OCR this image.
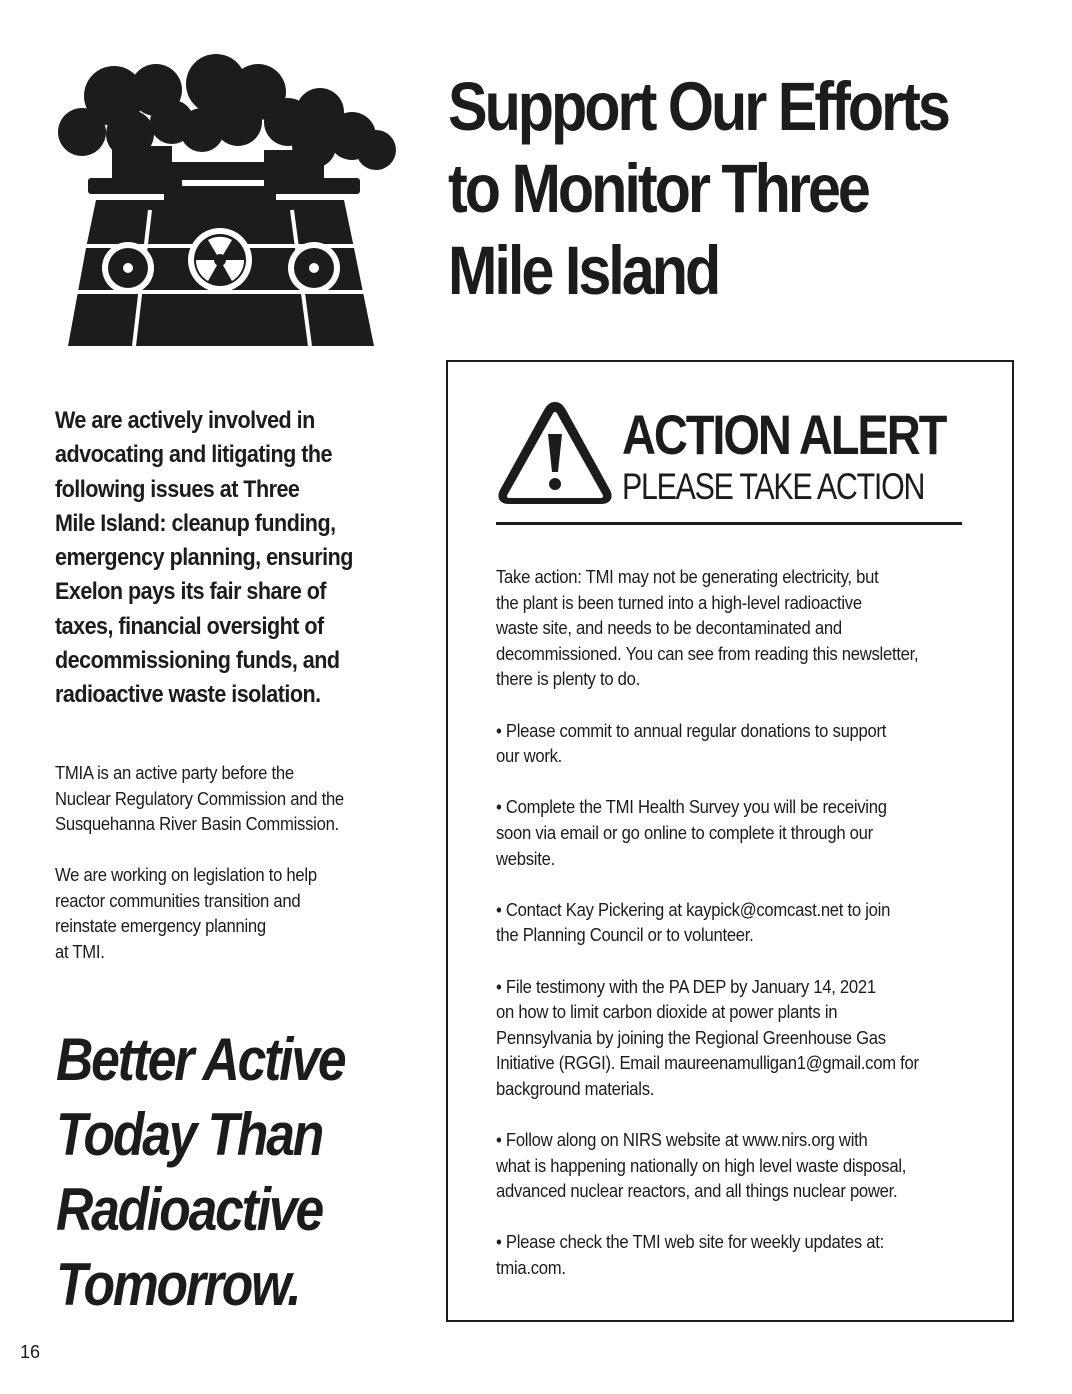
Support Our Efforts
to Monitor Three
Mile Island
We are actively involved in
advocating and litigating the
following issues at Three
Mile Island: cleanup funding,
emergency planning, ensuring
Exelon pays its fair share of
taxes, financial oversight of
decommissioning funds, and
radioactive waste isolation.
TMIA is an active party before the
Nuclear Regulatory Commission and the
Susquehanna River Basin Commission.
We are working on legislation to help
reactor communities transition and
reinstate emergency planning
at TMI.
Better Active
Today Than
Radioactive
Tomorrow.
16
ACTION ALERT
PLEASE TAKE ACTION

Take action: TMI may not be generating electricity, but
the plant is been turned into a high-level radioactive
waste site, and needs to be decontaminated and
decommissioned. You can see from reading this newsletter,
there is plenty to do.

• Please commit to annual regular donations to support
our work.

• Complete the TMI Health Survey you will be receiving
soon via email or go online to complete it through our
website.

• Contact Kay Pickering at kaypick@comcast.net to join
the Planning Council or to volunteer.

• File testimony with the PA DEP by January 14, 2021
on how to limit carbon dioxide at power plants in
Pennsylvania by joining the Regional Greenhouse Gas
Initiative (RGGI). Email maureenamulligan1@gmail.com for
background materials.

• Follow along on NIRS website at www.nirs.org with
what is happening nationally on high level waste disposal,
advanced nuclear reactors, and all things nuclear power.

• Please check the TMI web site for weekly updates at:
tmia.com.
